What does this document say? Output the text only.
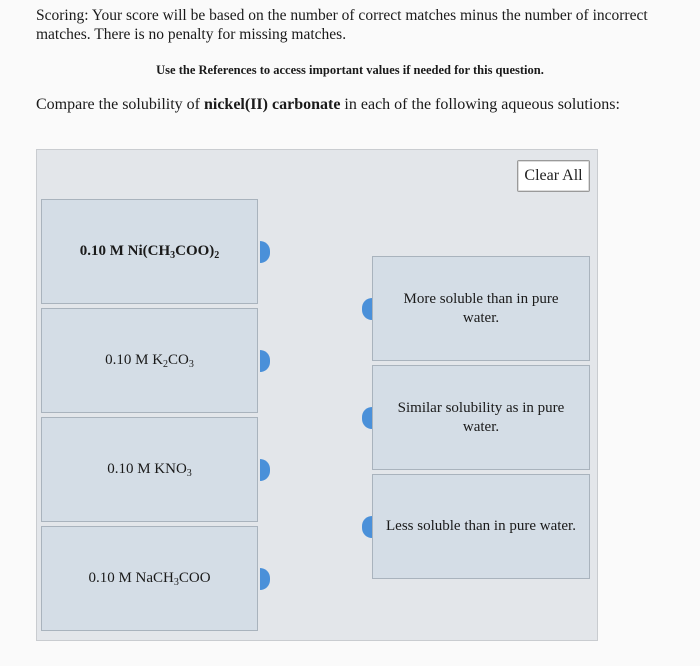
Scoring: Your score will be based on the number of correct matches minus the number of incorrect matches. There is no penalty for missing matches.
Use the References to access important values if needed for this question.
Compare the solubility of nickel(II) carbonate in each of the following aqueous solutions:
Clear All
0.10 M $Ni(CH_3COO)_2$
0.10 M $K_2CO_3$
0.10 M $KNO_3$
0.10 M NaCH$_3$COO
More soluble than in pure water.
Similar solubility as in pure water.
Less soluble than in pure water.
